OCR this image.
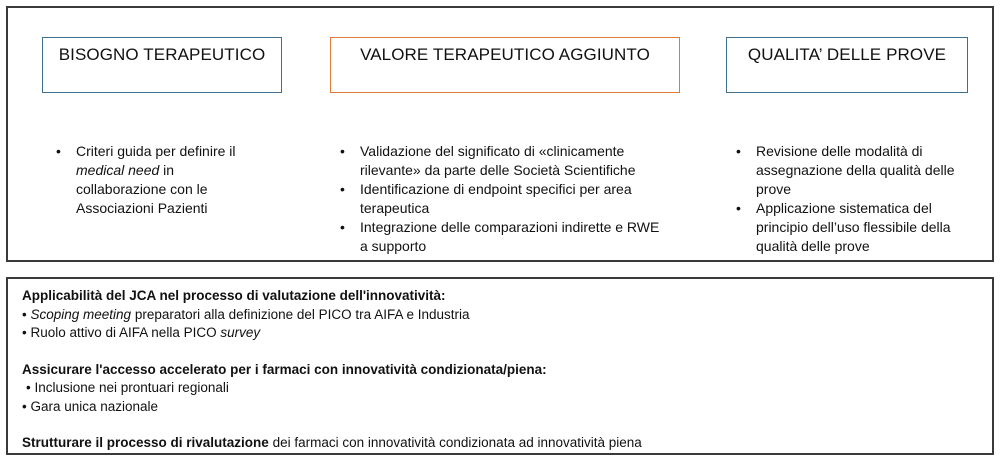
BISOGNO TERAPEUTICO	VALORE TERAPEUTICO AGGIUNTO	QUALITA’ DELLE PROVE
• Criteri guida per definire il medical need in collaborazione con le Associazioni Pazienti
• Validazione del significato di «clinicamente rilevante» da parte delle Società Scientifiche
• Identificazione di endpoint specifici per area terapeutica
• Integrazione delle comparazioni indirette e RWE a supporto
• Revisione delle modalità di assegnazione della qualità delle prove
• Applicazione sistematica del principio dell’uso flessibile della qualità delle prove
Applicabilità del JCA nel processo di valutazione dell'innovatività:
• Scoping meeting preparatori alla definizione del PICO tra AIFA e Industria
• Ruolo attivo di AIFA nella PICO survey
Assicurare l'accesso accelerato per i farmaci con innovatività condizionata/piena:
• Inclusione nei prontuari regionali
• Gara unica nazionale
Strutturare il processo di rivalutazione dei farmaci con innovatività condizionata ad innovatività piena
